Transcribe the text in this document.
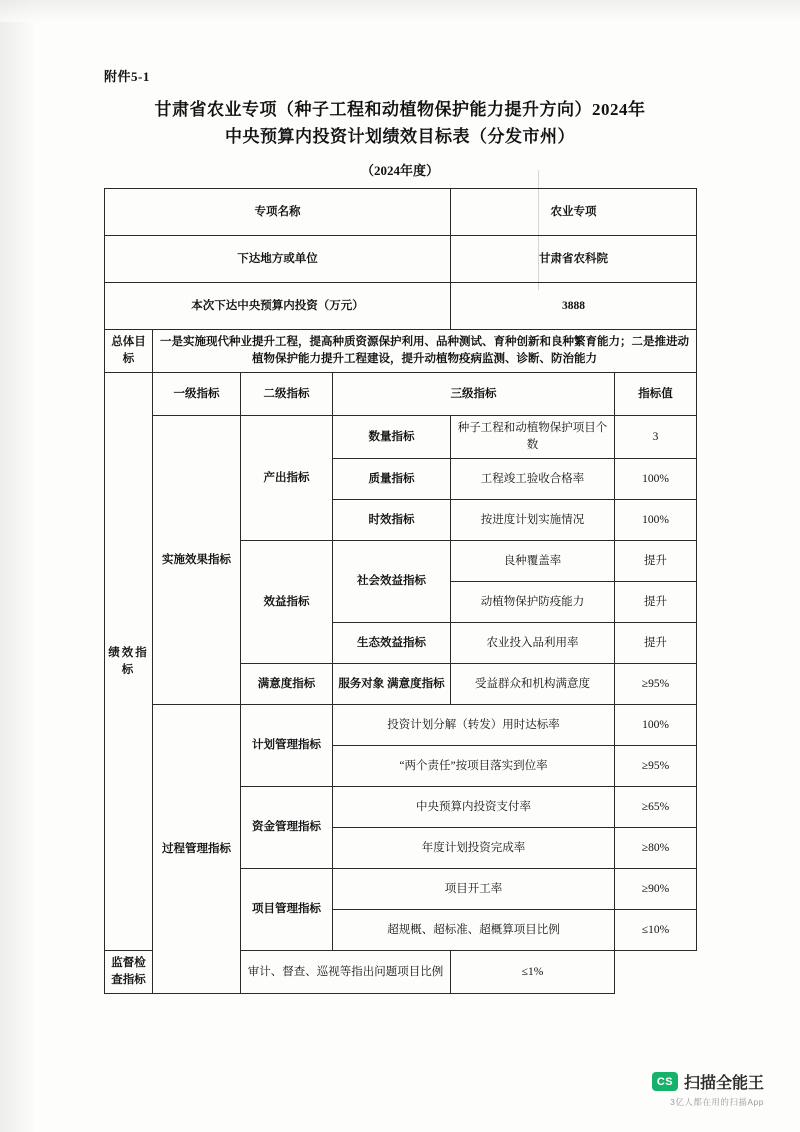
附件5-1
甘肃省农业专项（种子工程和动植物保护能力提升方向）2024年
中央预算内投资计划绩效目标表（分发市州）
（2024年度）
专项名称				农业专项	
下达地方或单位				甘肃省农科院	
本次下达中央预算内投资（万元）				3888	
总体目标	一是实施现代种业提升工程，提高种质资源保护利用、品种测试、育种创新和良种繁育能力；二是推进动植物保护能力提升工程建设，提升动植物疫病监测、诊断、防治能力				
绩效指标	一级指标	二级指标	三级指标		指标值
	实施效果指标	产出指标	数量指标	种子工程和动植物保护项目个数	3
			质量指标	工程竣工验收合格率	100%
			时效指标	按进度计划实施情况	100%
		效益指标	社会效益指标	良种覆盖率	提升
				动植物保护防疫能力	提升
			生态效益指标	农业投入品利用率	提升
		满意度指标	服务对象 满意度指标	受益群众和机构满意度	≥95%
	过程管理指标	计划管理指标	投资计划分解（转发）用时达标率		100%
			“两个责任”按项目落实到位率		≥95%
		资金管理指标	中央预算内投资支付率		≥65%
			年度计划投资完成率		≥80%
		项目管理指标	项目开工率		≥90%
			超规概、超标准、超概算项目比例		≤10%
监督检查指标		审计、督查、巡视等指出问题项目比例		≤1%	
CS 扫描全能王
3亿人都在用的扫描App
